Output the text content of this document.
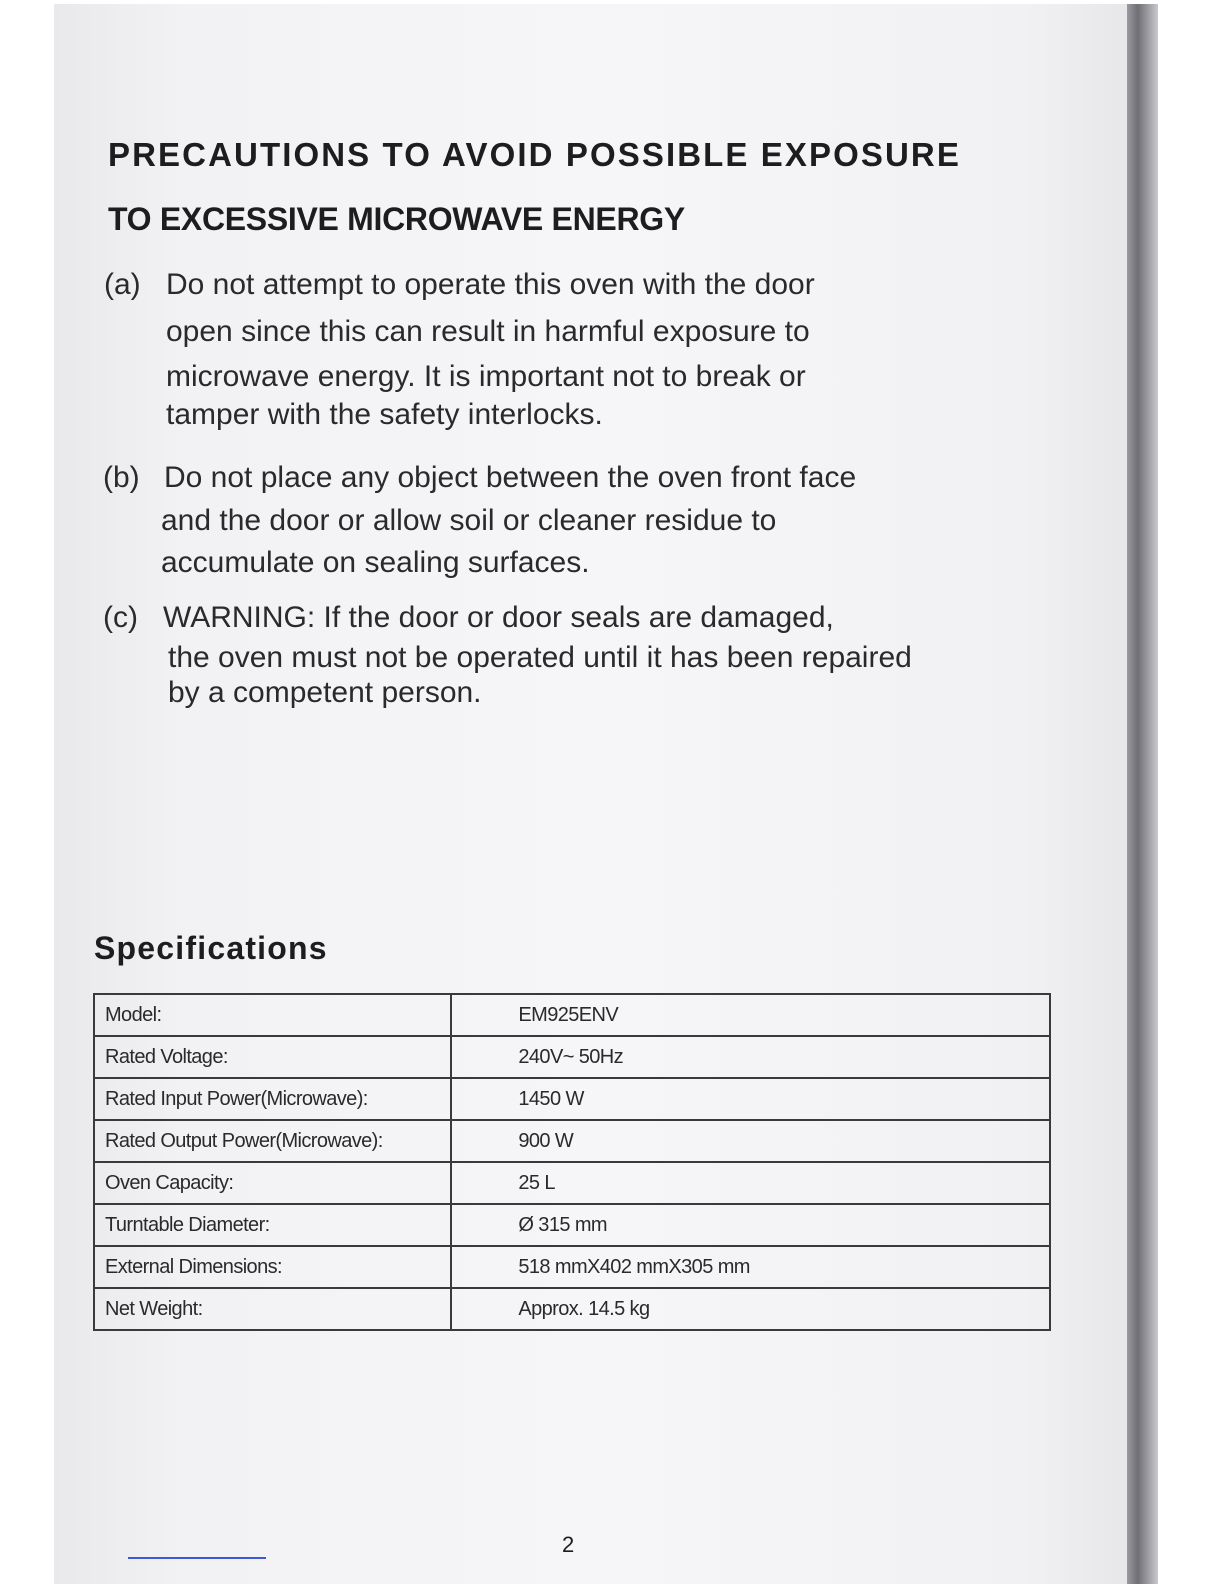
PRECAUTIONS TO AVOID POSSIBLE EXPOSURE
TO EXCESSIVE MICROWAVE ENERGY
(a) Do not attempt to operate this oven with the door
open since this can result in harmful exposure to
microwave energy. It is important not to break or
tamper with the safety interlocks.
(b) Do not place any object between the oven front face
and the door or allow soil or cleaner residue to
accumulate on sealing surfaces.
(c) WARNING: If the door or door seals are damaged,
the oven must not be operated until it has been repaired
by a competent person.
Specifications
Model:	EM925ENV
Rated Voltage:	240V~ 50Hz
Rated Input Power(Microwave):	1450 W
Rated Output Power(Microwave):	900 W
Oven Capacity:	25 L
Turntable Diameter:	Ø 315 mm
External Dimensions:	518 mmX402 mmX305 mm
Net Weight:	Approx. 14.5 kg
2
